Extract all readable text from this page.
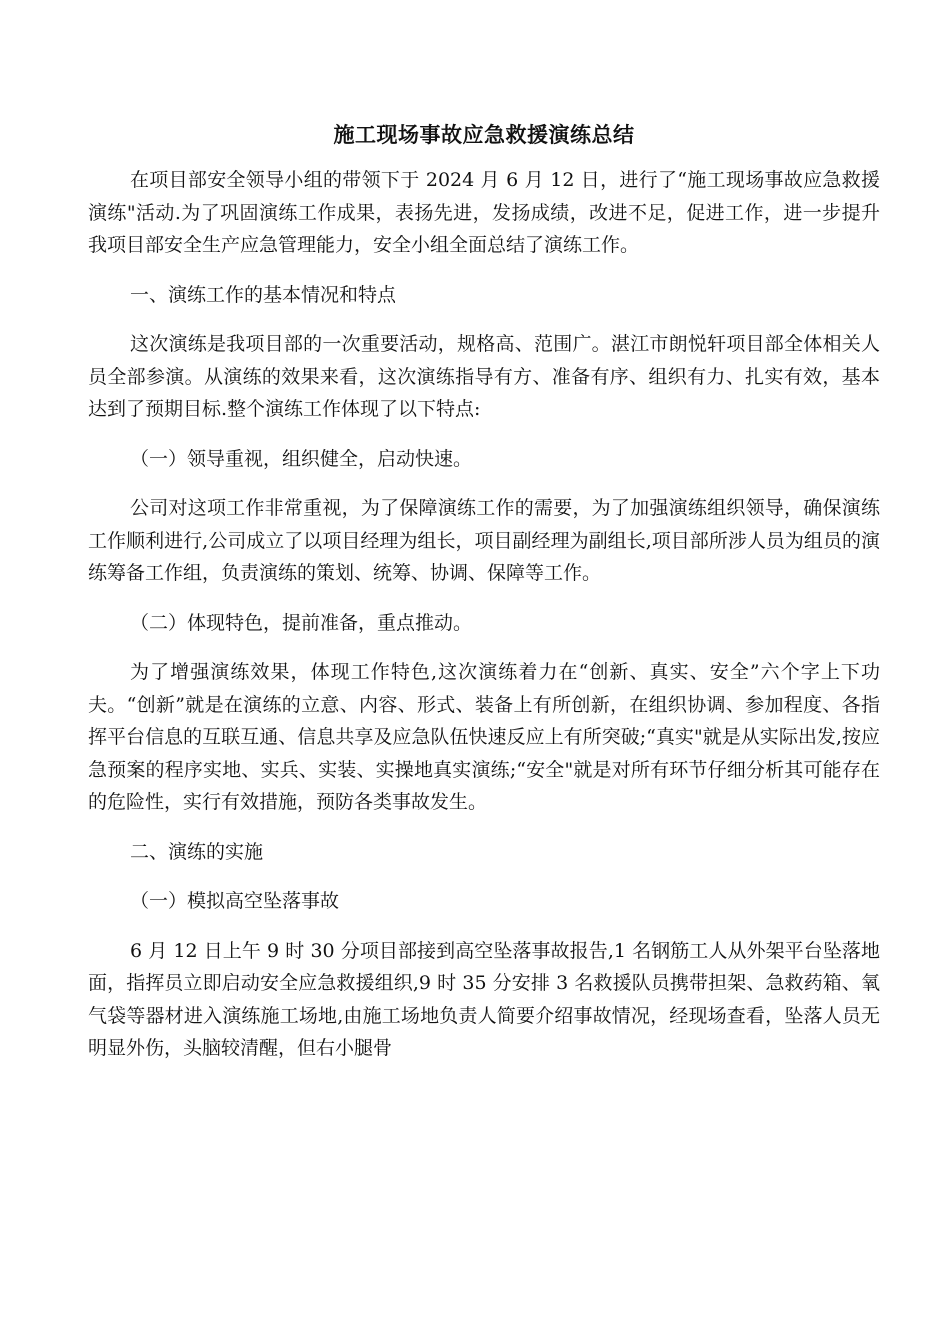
施工现场事故应急救援演练总结

在项目部安全领导小组的带领下于 2024 月 6 月 12 日，进行了“施工现场事故应急救援演练"活动.为了巩固演练工作成果，表扬先进，发扬成绩，改进不足，促进工作，进一步提升我项目部安全生产应急管理能力，安全小组全面总结了演练工作。

一、演练工作的基本情况和特点

这次演练是我项目部的一次重要活动，规格高、范围广。湛江市朗悦轩项目部全体相关人员全部参演。从演练的效果来看，这次演练指导有方、准备有序、组织有力、扎实有效，基本达到了预期目标.整个演练工作体现了以下特点:

（一）领导重视，组织健全，启动快速。

公司对这项工作非常重视，为了保障演练工作的需要，为了加强演练组织领导，确保演练工作顺利进行,公司成立了以项目经理为组长，项目副经理为副组长,项目部所涉人员为组员的演练筹备工作组，负责演练的策划、统筹、协调、保障等工作。

（二）体现特色，提前准备，重点推动。

为了增强演练效果，体现工作特色,这次演练着力在“创新、真实、安全”六个字上下功夫。“创新”就是在演练的立意、内容、形式、装备上有所创新，在组织协调、参加程度、各指挥平台信息的互联互通、信息共享及应急队伍快速反应上有所突破;“真实"就是从实际出发,按应急预案的程序实地、实兵、实装、实操地真实演练;“安全"就是对所有环节仔细分析其可能存在的危险性，实行有效措施，预防各类事故发生。

二、演练的实施

（一）模拟高空坠落事故

6 月 12 日上午 9 时 30 分项目部接到高空坠落事故报告,1 名钢筋工人从外架平台坠落地面，指挥员立即启动安全应急救援组织,9 时 35 分安排 3 名救援队员携带担架、急救药箱、氧气袋等器材进入演练施工场地,由施工场地负责人简要介绍事故情况，经现场查看，坠落人员无明显外伤，头脑较清醒，但右小腿骨
